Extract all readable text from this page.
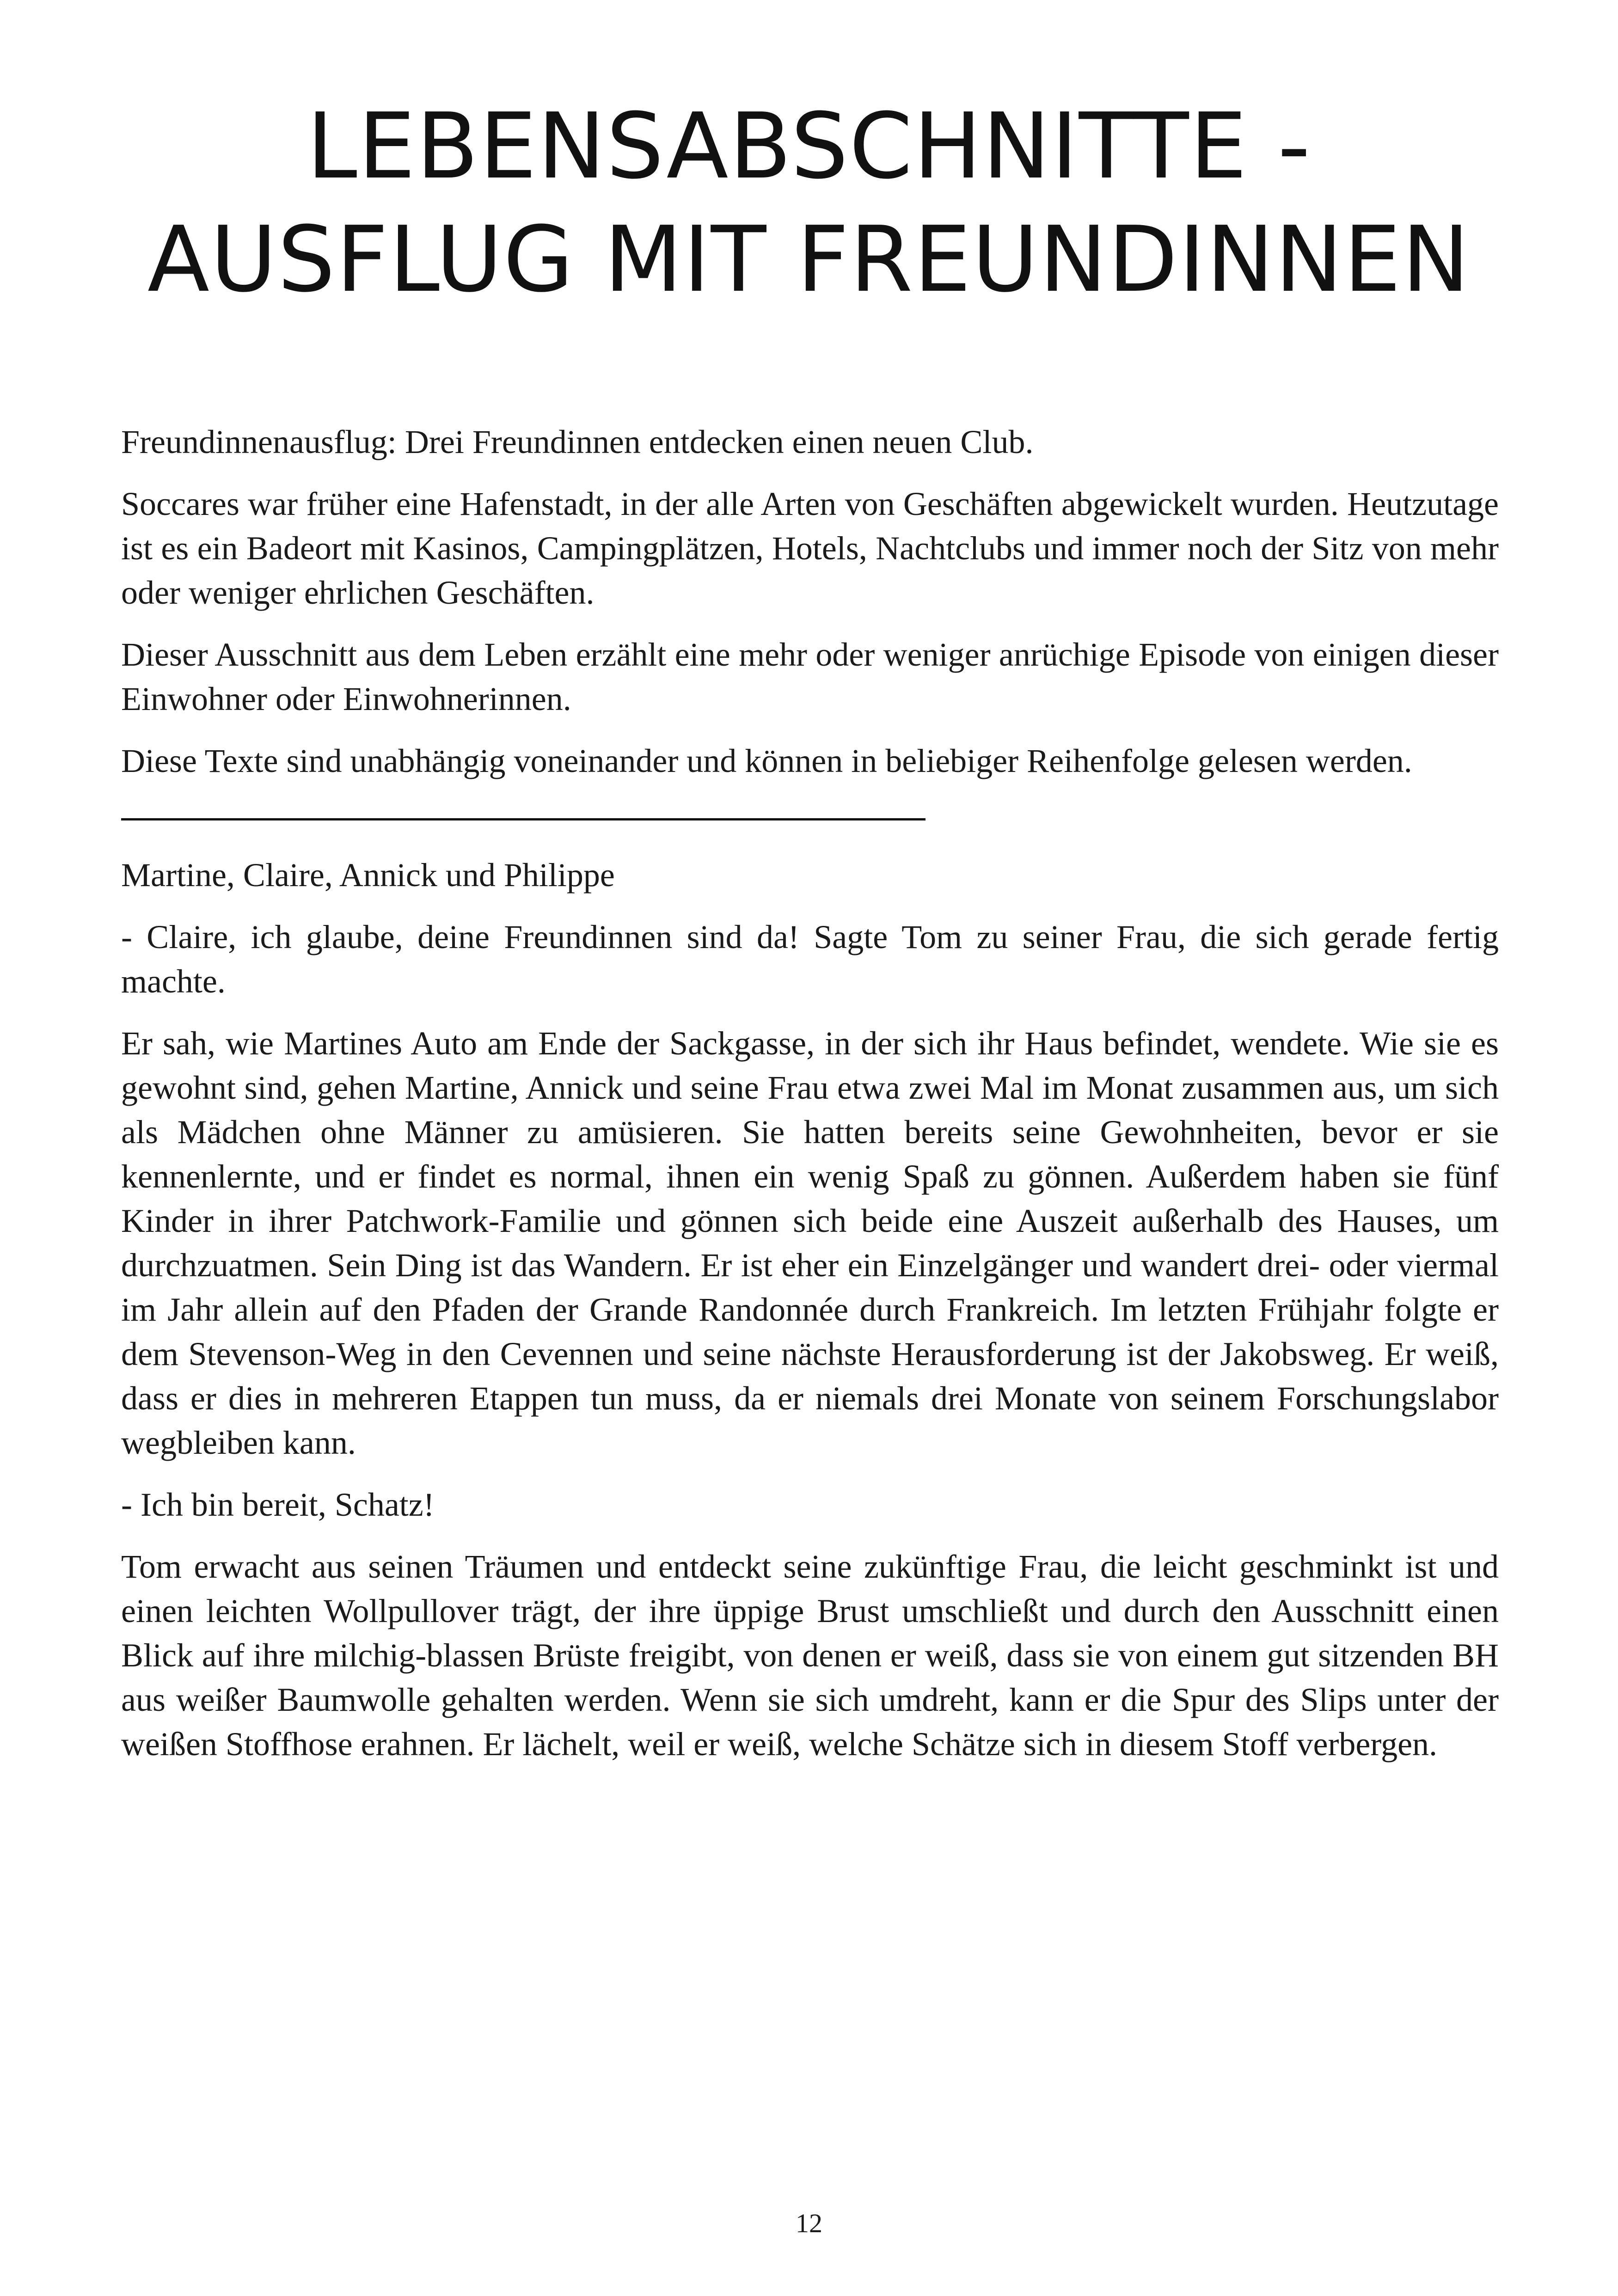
LEBENSABSCHNITTE -
AUSFLUG MIT FREUNDINNEN

Freundinnenausflug: Drei Freundinnen entdecken einen neuen Club.

Soccares war früher eine Hafenstadt, in der alle Arten von Geschäften abgewickelt wurden. Heutzutage ist es ein Badeort mit Kasinos, Campingplätzen, Hotels, Nachtclubs und immer noch der Sitz von mehr oder weniger ehrlichen Geschäften.

Dieser Ausschnitt aus dem Leben erzählt eine mehr oder weniger anrüchige Episode von einigen dieser Einwohner oder Einwohnerinnen.

Diese Texte sind unabhängig voneinander und können in beliebiger Reihenfolge gelesen werden.

Martine, Claire, Annick und Philippe

- Claire, ich glaube, deine Freundinnen sind da! Sagte Tom zu seiner Frau, die sich gerade fertig machte.

Er sah, wie Martines Auto am Ende der Sackgasse, in der sich ihr Haus befindet, wendete. Wie sie es gewohnt sind, gehen Martine, Annick und seine Frau etwa zwei Mal im Monat zusammen aus, um sich als Mädchen ohne Männer zu amüsieren. Sie hatten bereits seine Gewohnheiten, bevor er sie kennenlernte, und er findet es normal, ihnen ein wenig Spaß zu gönnen. Außerdem haben sie fünf Kinder in ihrer Patchwork-Familie und gönnen sich beide eine Auszeit außerhalb des Hauses, um durchzuatmen. Sein Ding ist das Wandern. Er ist eher ein Einzelgänger und wandert drei- oder viermal im Jahr allein auf den Pfaden der Grande Randonnée durch Frankreich. Im letzten Frühjahr folgte er dem Stevenson-Weg in den Cevennen und seine nächste Herausforderung ist der Jakobsweg. Er weiß, dass er dies in mehreren Etappen tun muss, da er niemals drei Monate von seinem Forschungslabor wegbleiben kann.

- Ich bin bereit, Schatz!

Tom erwacht aus seinen Träumen und entdeckt seine zukünftige Frau, die leicht geschminkt ist und einen leichten Wollpullover trägt, der ihre üppige Brust umschließt und durch den Ausschnitt einen Blick auf ihre milchig-blassen Brüste freigibt, von denen er weiß, dass sie von einem gut sitzenden BH aus weißer Baumwolle gehalten werden. Wenn sie sich umdreht, kann er die Spur des Slips unter der weißen Stoffhose erahnen. Er lächelt, weil er weiß, welche Schätze sich in diesem Stoff verbergen.

12
